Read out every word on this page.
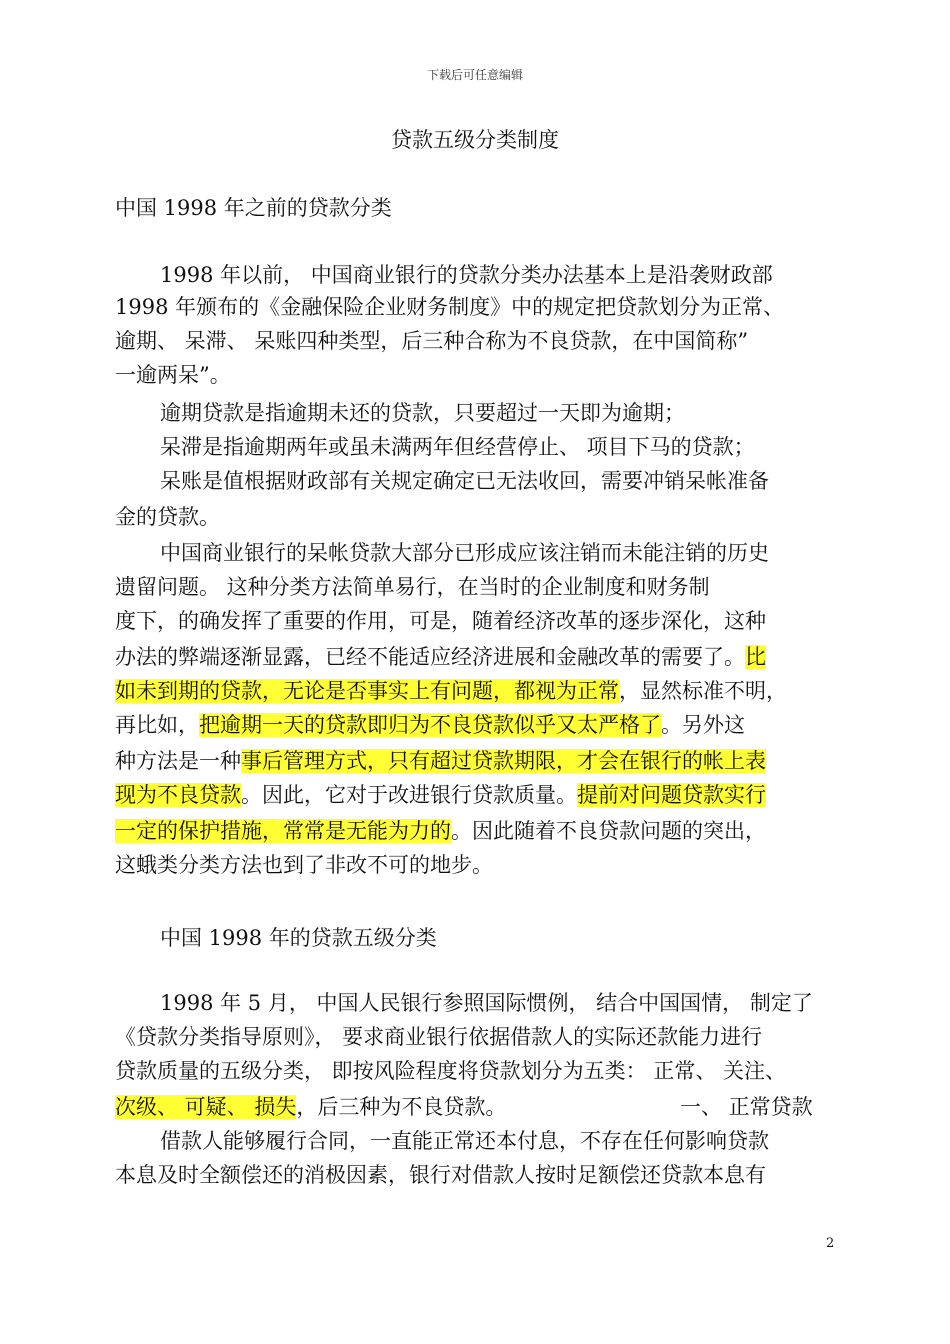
下载后可任意编辑
贷款五级分类制度
中国 1998 年之前的贷款分类
1998 年以前， 中国商业银行的贷款分类办法基本上是沿袭财政部
1998 年颁布的《金融保险企业财务制度》中的规定把贷款划分为正常、
逾期、 呆滞、 呆账四种类型，后三种合称为不良贷款，在中国简称”
一逾两呆”。
逾期贷款是指逾期未还的贷款，只要超过一天即为逾期；
呆滞是指逾期两年或虽未满两年但经营停止、 项目下马的贷款；
呆账是值根据财政部有关规定确定已无法收回，需要冲销呆帐准备
金的贷款。
中国商业银行的呆帐贷款大部分已形成应该注销而未能注销的历史
遗留问题。 这种分类方法简单易行，在当时的企业制度和财务制
度下，的确发挥了重要的作用，可是，随着经济改革的逐步深化，这种
办法的弊端逐渐显露，已经不能适应经济进展和金融改革的需要了。比
如未到期的贷款，无论是否事实上有问题，都视为正常，显然标准不明，
再比如，把逾期一天的贷款即归为不良贷款似乎又太严格了。另外这
种方法是一种事后管理方式，只有超过贷款期限，才会在银行的帐上表
现为不良贷款。因此，它对于改进银行贷款质量。提前对问题贷款实行
一定的保护措施，常常是无能为力的。因此随着不良贷款问题的突出，
这蛾类分类方法也到了非改不可的地步。
中国 1998 年的贷款五级分类
1998 年 5 月， 中国人民银行参照国际惯例， 结合中国国情， 制定了
《贷款分类指导原则》， 要求商业银行依据借款人的实际还款能力进行
贷款质量的五级分类， 即按风险程度将贷款划分为五类： 正常、 关注、
次级、 可疑、 损失，后三种为不良贷款。	一、 正常贷款
借款人能够履行合同，一直能正常还本付息，不存在任何影响贷款
本息及时全额偿还的消极因素，银行对借款人按时足额偿还贷款本息有
2
